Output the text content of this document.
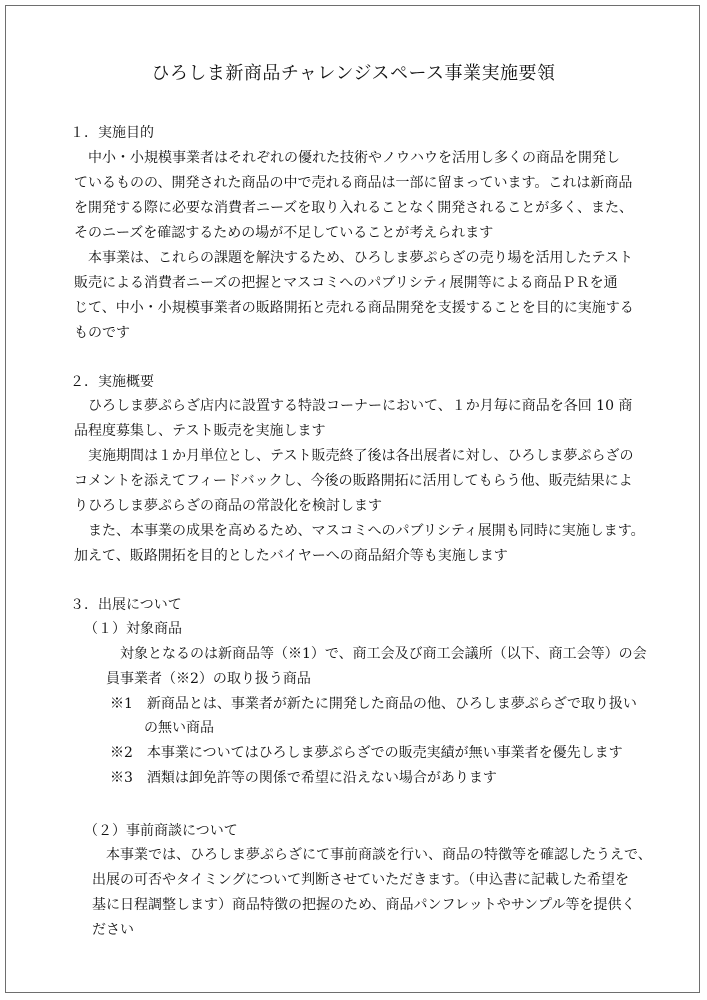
ひろしま新商品チャレンジスペース事業実施要領
１．実施目的
中小・小規模事業者はそれぞれの優れた技術やノウハウを活用し多くの商品を開発し
ているものの、開発された商品の中で売れる商品は一部に留まっています。これは新商品
を開発する際に必要な消費者ニーズを取り入れることなく開発されることが多く、また、
そのニーズを確認するための場が不足していることが考えられます
本事業は、これらの課題を解決するため、ひろしま夢ぷらざの売り場を活用したテスト
販売による消費者ニーズの把握とマスコミへのパブリシティ展開等による商品ＰＲを通
じて、中小・小規模事業者の販路開拓と売れる商品開発を支援することを目的に実施する
ものです
２．実施概要
ひろしま夢ぷらざ店内に設置する特設コーナーにおいて、１か月毎に商品を各回 10 商
品程度募集し、テスト販売を実施します
実施期間は１か月単位とし、テスト販売終了後は各出展者に対し、ひろしま夢ぷらざの
コメントを添えてフィードバックし、今後の販路開拓に活用してもらう他、販売結果によ
りひろしま夢ぷらざの商品の常設化を検討します
また、本事業の成果を高めるため、マスコミへのパブリシティ展開も同時に実施します。
加えて、販路開拓を目的としたバイヤーへの商品紹介等も実施します
３．出展について
（１）対象商品
対象となるのは新商品等（※1）で、商工会及び商工会議所（以下、商工会等）の会
員事業者（※2）の取り扱う商品
※1　新商品とは、事業者が新たに開発した商品の他、ひろしま夢ぷらざで取り扱い
の無い商品
※2　本事業についてはひろしま夢ぷらざでの販売実績が無い事業者を優先します
※3　酒類は卸免許等の関係で希望に沿えない場合があります
（２）事前商談について
本事業では、ひろしま夢ぷらざにて事前商談を行い、商品の特徴等を確認したうえで、
出展の可否やタイミングについて判断させていただきます。（申込書に記載した希望を
基に日程調整します）商品特徴の把握のため、商品パンフレットやサンプル等を提供く
ださい
